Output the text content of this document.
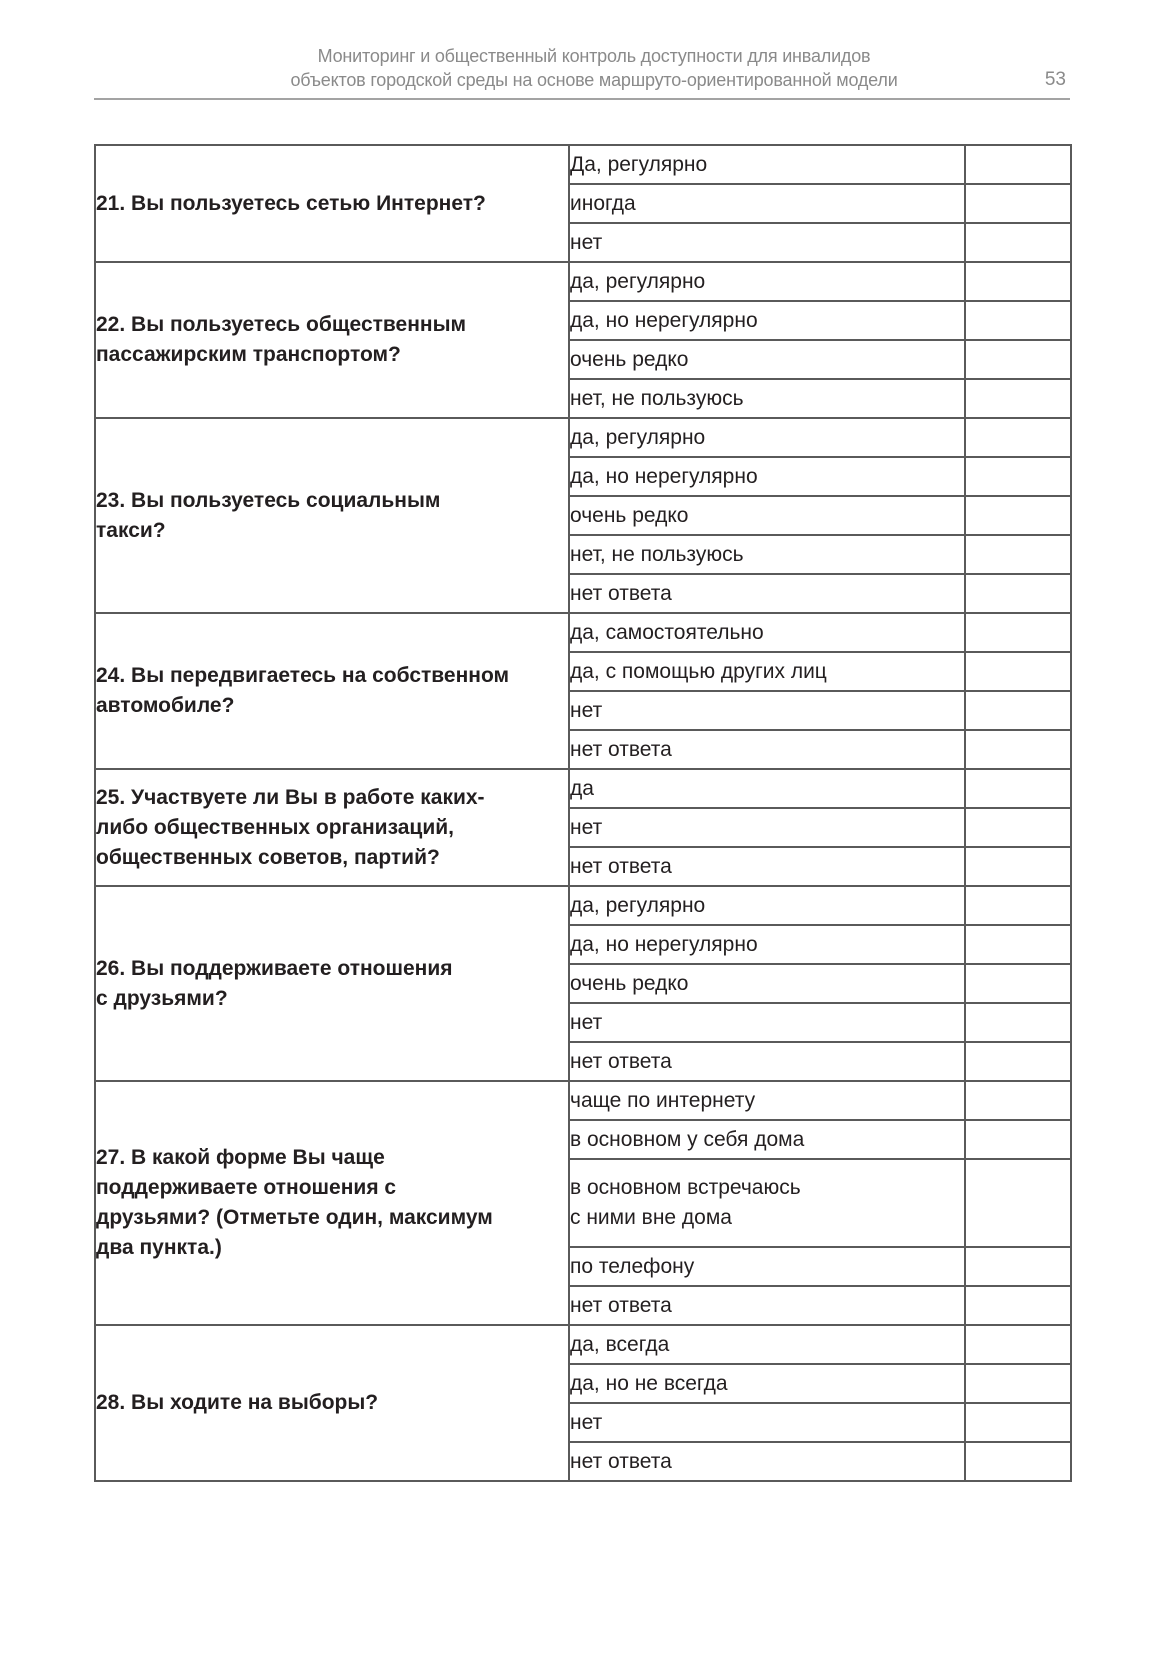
Мониторинг и общественный контроль доступности для инвалидов
объектов городской среды на основе маршруто-ориентированной модели	53
21. Вы пользуетесь сетью Интернет?	Да, регулярно	
	иногда	
	нет	

22. Вы пользуетесь общественным
пассажирским транспортом?	да, регулярно	
	да, но нерегулярно	
	очень редко	
	нет, не пользуюсь	

23. Вы пользуетесь социальным
такси?	да, регулярно	
	да, но нерегулярно	
	очень редко	
	нет, не пользуюсь	
	нет ответа	

24. Вы передвигаетесь на собственном
автомобиле?	да, самостоятельно	
	да, с помощью других лиц	
	нет	
	нет ответа	

25. Участвуете ли Вы в работе каких-
либо общественных организаций,
общественных советов, партий?	да	
	нет	
	нет ответа	

26. Вы поддерживаете отношения
с друзьями?	да, регулярно	
	да, но нерегулярно	
	очень редко	
	нет	
	нет ответа	

27. В какой форме Вы чаще
поддерживаете отношения с
друзьями? (Отметьте один, максимум
два пункта.)	чаще по интернету	
	в основном у себя дома	

	в основном встречаюсь
с ними вне дома	

	по телефону	
	нет ответа	

28. Вы ходите на выборы?	да, всегда	
	да, но не всегда	
	нет	
	нет ответа	
